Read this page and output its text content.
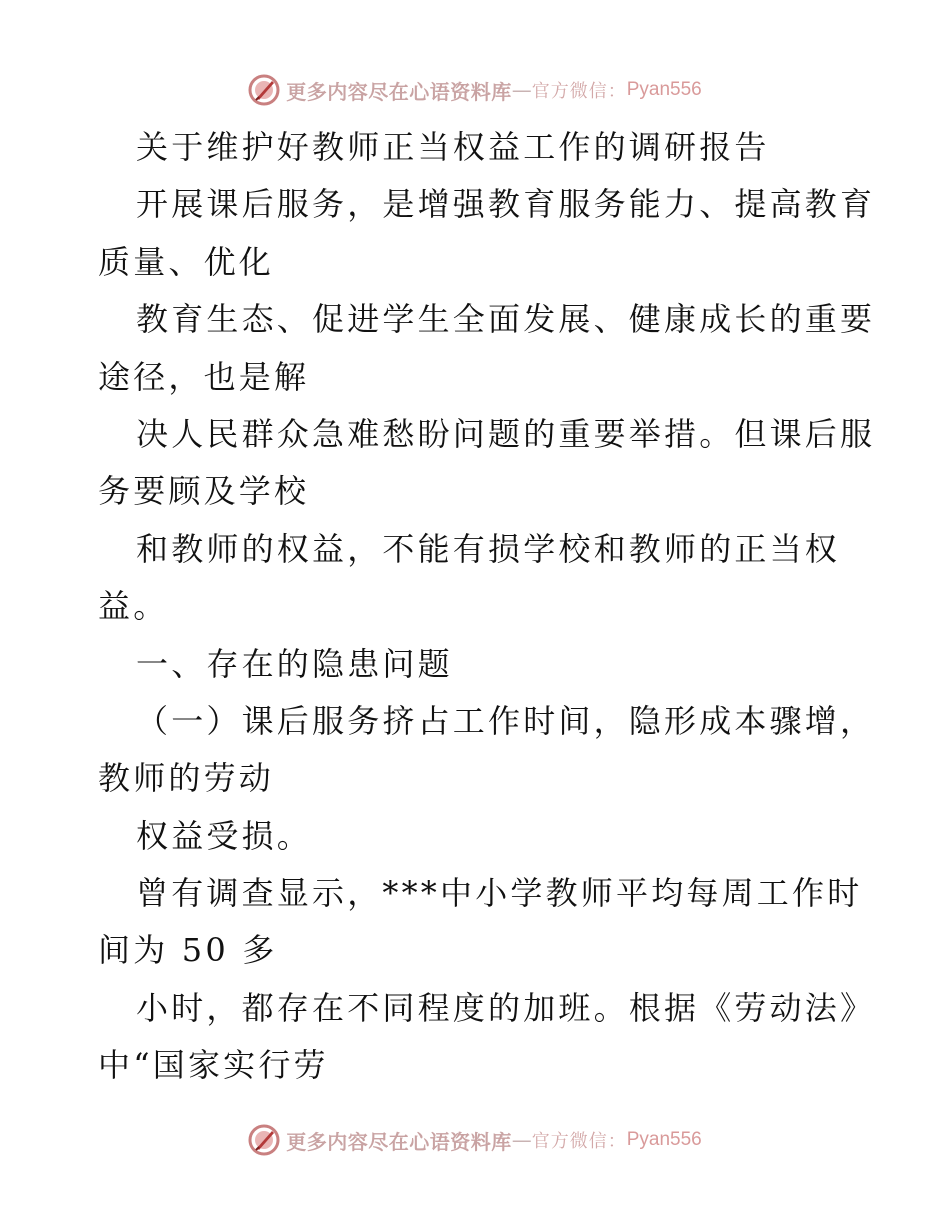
更多内容尽在心语资料库 — 官方微信： Pyan556
关于维护好教师正当权益工作的调研报告
开展课后服务，是增强教育服务能力、提高教育
质量、优化
教育生态、促进学生全面发展、健康成长的重要
途径，也是解
决人民群众急难愁盼问题的重要举措。但课后服
务要顾及学校
和教师的权益，不能有损学校和教师的正当权
益。
一、存在的隐患问题
（一）课后服务挤占工作时间，隐形成本骤增，
教师的劳动
权益受损。
曾有调查显示，***中小学教师平均每周工作时
间为 50 多
小时，都存在不同程度的加班。根据《劳动法》
中“国家实行劳
更多内容尽在心语资料库 — 官方微信： Pyan556
